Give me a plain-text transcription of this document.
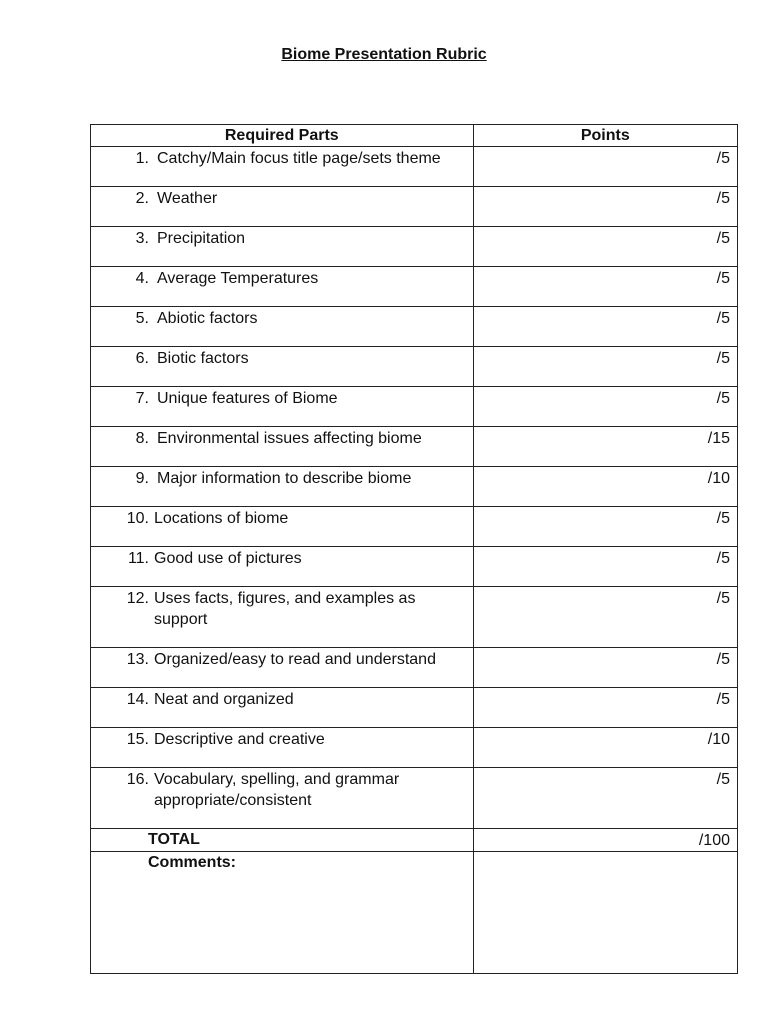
Biome Presentation Rubric
Required Parts	Points

1. Catchy/Main focus title page/sets theme	/5

2. Weather	/5

3. Precipitation	/5

4. Average Temperatures	/5

5. Abiotic factors	/5

6. Biotic factors	/5

7. Unique features of Biome	/5

8. Environmental issues affecting biome	/15

9. Major information to describe biome	/10

10. Locations of biome	/5

11. Good use of pictures	/5

12. Uses facts, figures, and examples as support	/5

13. Organized/easy to read and understand	/5

14. Neat and organized	/5

15. Descriptive and creative	/10

16. Vocabulary, spelling, and grammar appropriate/consistent	/5
TOTAL	/100
Comments:	
